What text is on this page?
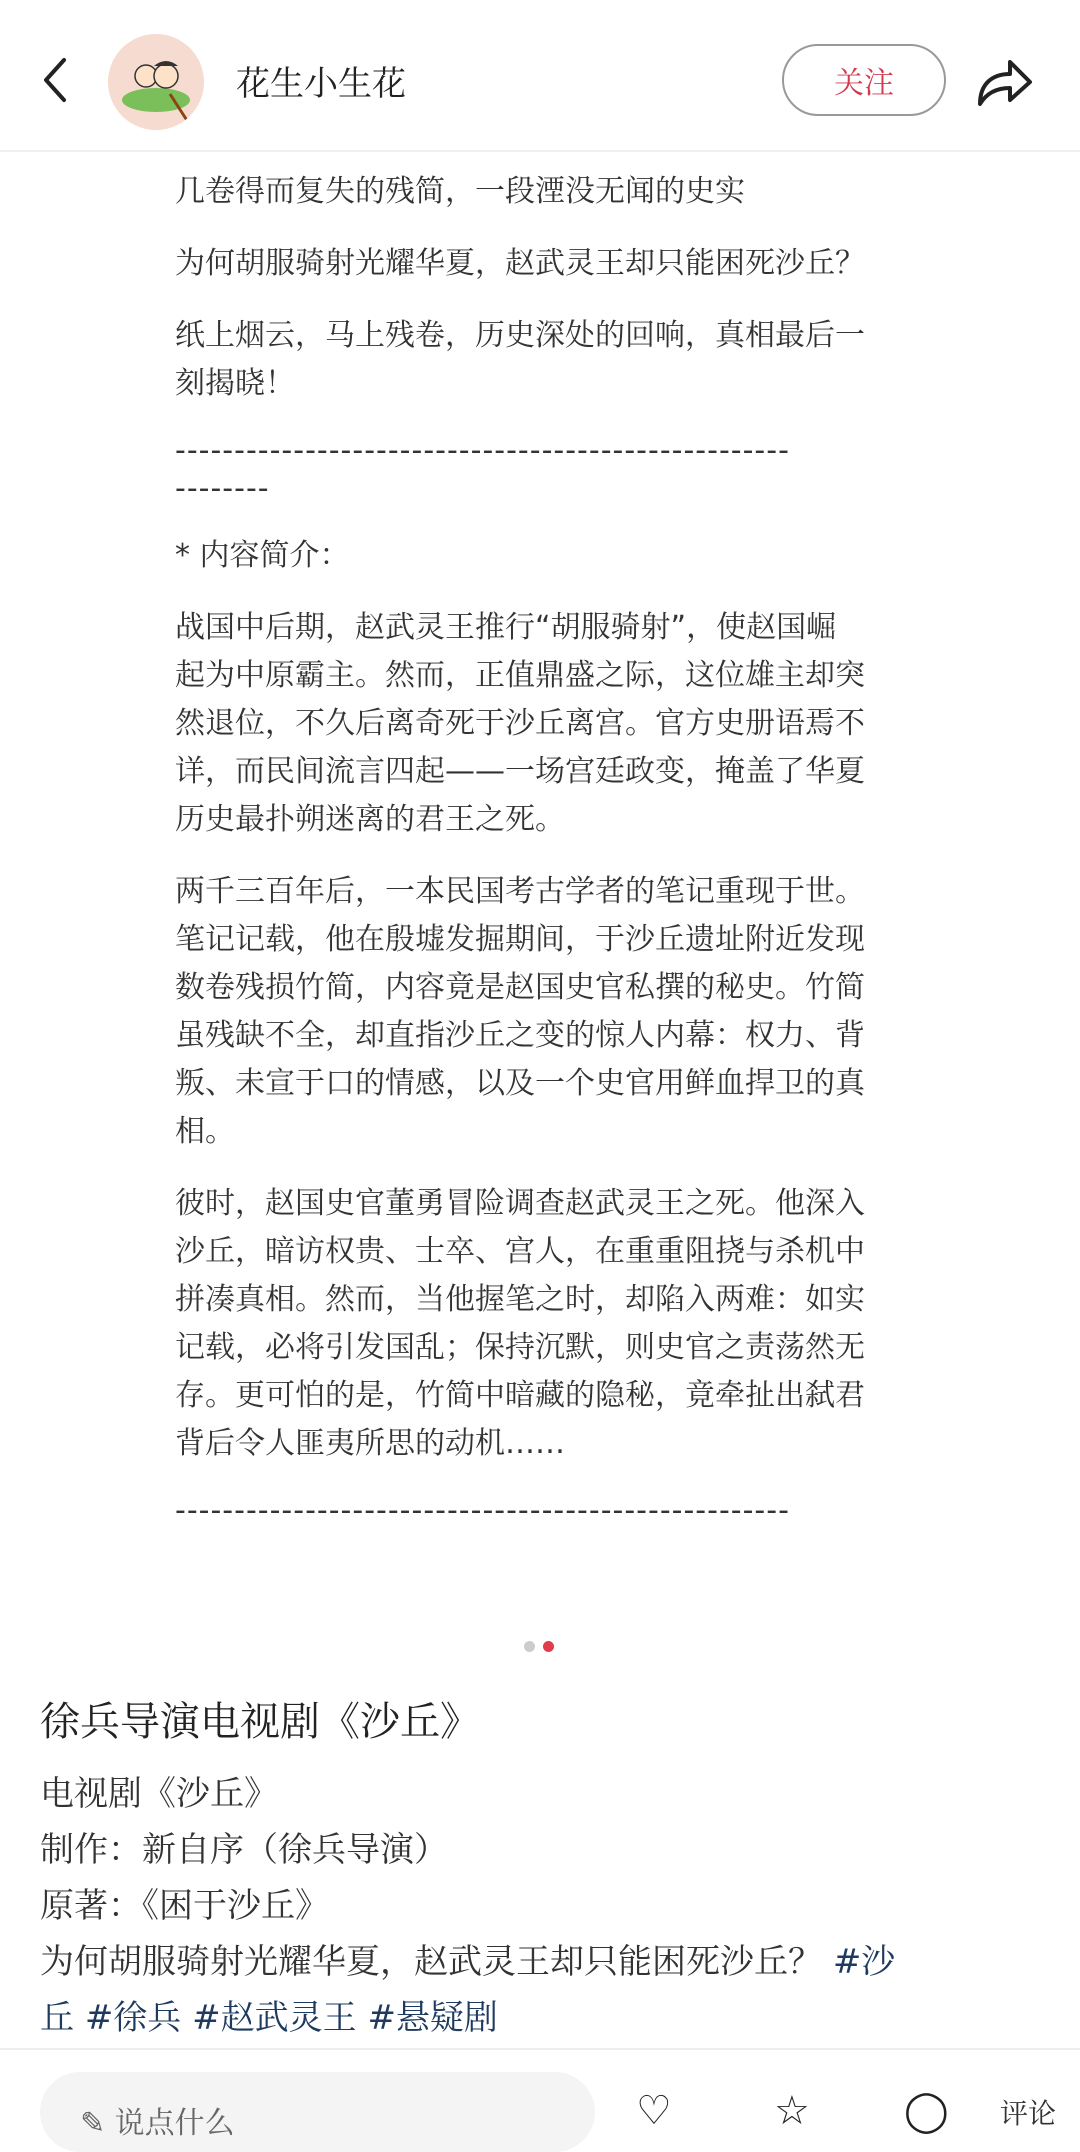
花生小生花	关注
几卷得而复失的残简，一段湮没无闻的史实
为何胡服骑射光耀华夏，赵武灵王却只能困死沙丘？
纸上烟云，马上残卷，历史深处的回响，真相最后一
刻揭晓！
----------------------------------------------------
--------
* 内容简介：
战国中后期，赵武灵王推行“胡服骑射”，使赵国崛
起为中原霸主。然而，正值鼎盛之际，这位雄主却突
然退位，不久后离奇死于沙丘离宫。官方史册语焉不
详，而民间流言四起——一场宫廷政变，掩盖了华夏
历史最扑朔迷离的君王之死。
两千三百年后，一本民国考古学者的笔记重现于世。
笔记记载，他在殷墟发掘期间，于沙丘遗址附近发现
数卷残损竹简，内容竟是赵国史官私撰的秘史。竹简
虽残缺不全，却直指沙丘之变的惊人内幕：权力、背
叛、未宣于口的情感，以及一个史官用鲜血捍卫的真
相。
彼时，赵国史官董勇冒险调查赵武灵王之死。他深入
沙丘，暗访权贵、士卒、宫人，在重重阻挠与杀机中
拼凑真相。然而，当他握笔之时，却陷入两难：如实
记载，必将引发国乱；保持沉默，则史官之责荡然无
存。更可怕的是，竹简中暗藏的隐秘，竟牵扯出弑君
背后令人匪夷所思的动机……
----------------------------------------------------
徐兵导演电视剧《沙丘》
电视剧《沙丘》
制作：新自序（徐兵导演）
原著：《困于沙丘》
为何胡服骑射光耀华夏，赵武灵王却只能困死沙丘？ #沙
丘 #徐兵 #赵武灵王 #悬疑剧
✎ 说点什么	♡	☆ ◯ 评论
